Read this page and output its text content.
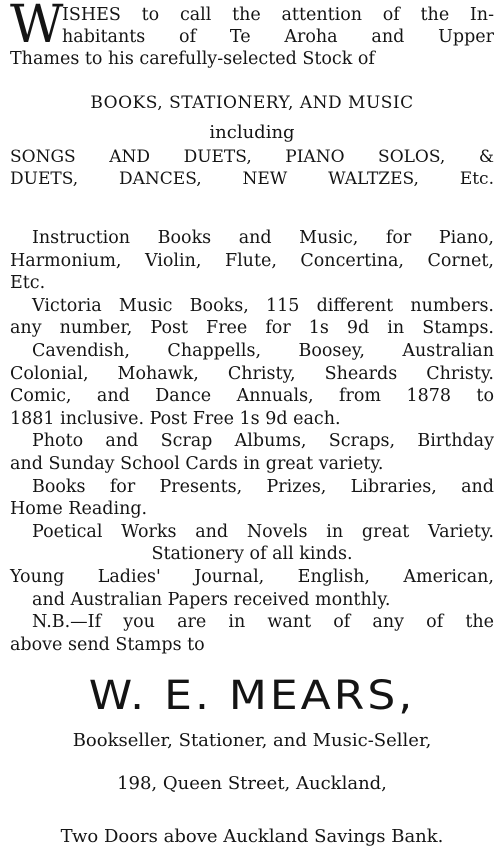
W
ISHES to call the attention of the In-
habitants of Te Aroha and Upper
Thames to his carefully-selected Stock of
BOOKS, STATIONERY, AND MUSIC
including
SONGS AND DUETS, PIANO SOLOS, &
DUETS, DANCES, NEW WALTZES, Etc.
Instruction Books and Music, for Piano,
Harmonium, Violin, Flute, Concertina, Cornet,
Etc.
Victoria Music Books, 115 different numbers.
any number, Post Free for 1s 9d in Stamps.
Cavendish, Chappells, Boosey, Australian
Colonial, Mohawk, Christy, Sheards Christy.
Comic, and Dance Annuals, from 1878 to
1881 inclusive. Post Free 1s 9d each.
Photo and Scrap Albums, Scraps, Birthday
and Sunday School Cards in great variety.
Books for Presents, Prizes, Libraries, and
Home Reading.
Poetical Works and Novels in great Variety.
Stationery of all kinds.
Young Ladies' Journal, English, American,
and Australian Papers received monthly.
N.B.—If you are in want of any of the
above send Stamps to
W. E. MEARS,
Bookseller, Stationer, and Music-Seller,
198, Queen Street, Auckland,
Two Doors above Auckland Savings Bank.
